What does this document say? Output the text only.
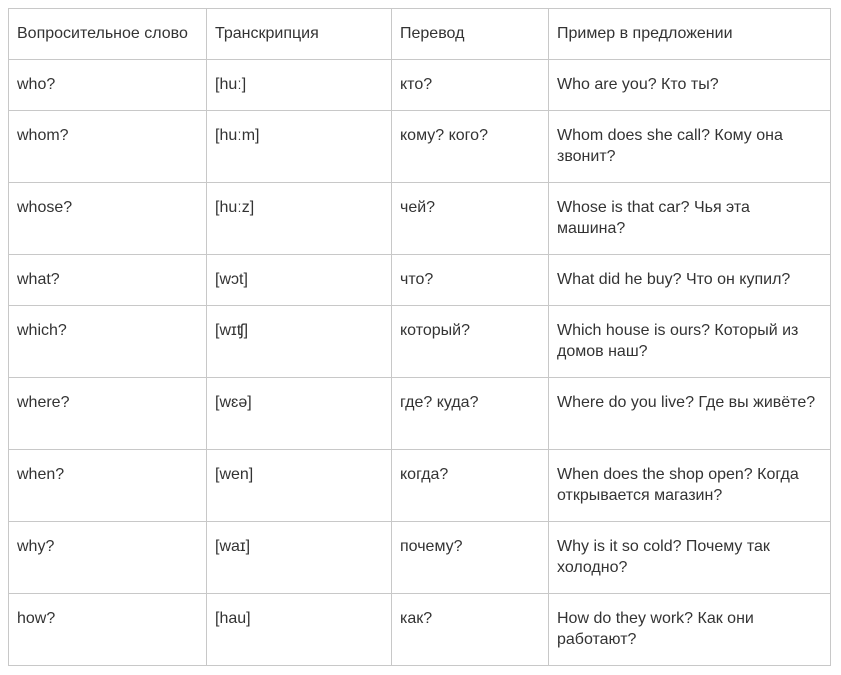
Вопросительное слово	Транскрипция	Перевод	Пример в предложении
who?	[huː]	кто?	Who are you? Кто ты?
whom?	[huːm]	кому? кого?	Whom does she call? Кому она звонит?
whose?	[huːz]	чей?	Whose is that car? Чья эта машина?
what?	[wɔt]	что?	What did he buy? Что он купил?
which?	[wɪʧ]	который?	Which house is ours? Который из домов наш?
where?	[wɛə]	где? куда?	Where do you live? Где вы живёте?
when?	[wen]	когда?	When does the shop open? Когда открывается магазин?
why?	[waɪ]	почему?	Why is it so cold? Почему так холодно?
how?	[hau]	как?	How do they work? Как они работают?
